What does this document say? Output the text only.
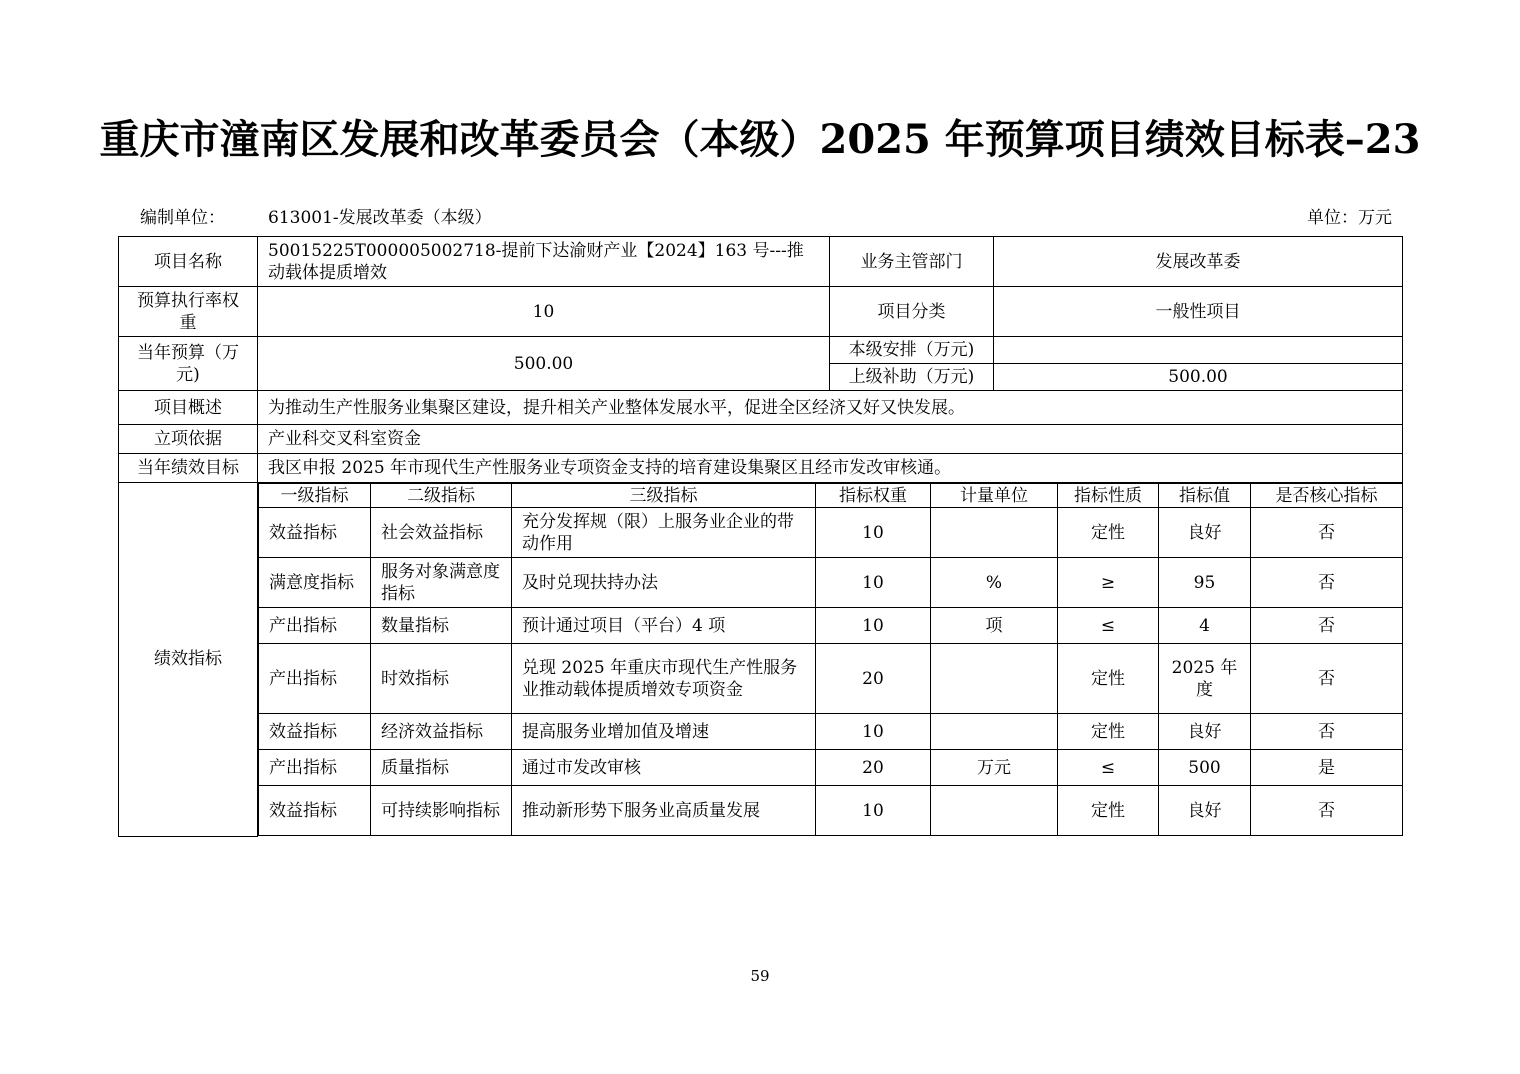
重庆市潼南区发展和改革委员会（本级）2025 年预算项目绩效目标表–23
编制单位：	613001-发展改革委（本级）	单位：万元
项目名称	50015225T000005002718-提前下达渝财产业【2024】163 号---推动载体提质增效	业务主管部门	发展改革委
预算执行率权重	10	项目分类	一般性项目
当年预算（万元)	500.00	本级安排（万元)	
上级补助（万元)	500.00
项目概述	为推动生产性服务业集聚区建设，提升相关产业整体发展水平，促进全区经济又好又快发展。
立项依据	产业科交叉科室资金
当年绩效目标	我区申报 2025 年市现代生产性服务业专项资金支持的培育建设集聚区且经市发改审核通。
绩效指标	
一级指标	二级指标	三级指标	指标权重	计量单位	指标性质	指标值	是否核心指标
效益指标	社会效益指标	充分发挥规（限）上服务业企业的带动作用	10		定性	良好	否
满意度指标	服务对象满意度指标	及时兑现扶持办法	10	%	≥	95	否
产出指标	数量指标	预计通过项目（平台）4 项	10	项	≤	4	否
产出指标	时效指标	兑现 2025 年重庆市现代生产性服务业推动载体提质增效专项资金	20		定性	2025 年度	否
效益指标	经济效益指标	提高服务业增加值及增速	10		定性	良好	否
产出指标	质量指标	通过市发改审核	20	万元	≤	500	是
效益指标	可持续影响指标	推动新形势下服务业高质量发展	10		定性	良好	否
59
